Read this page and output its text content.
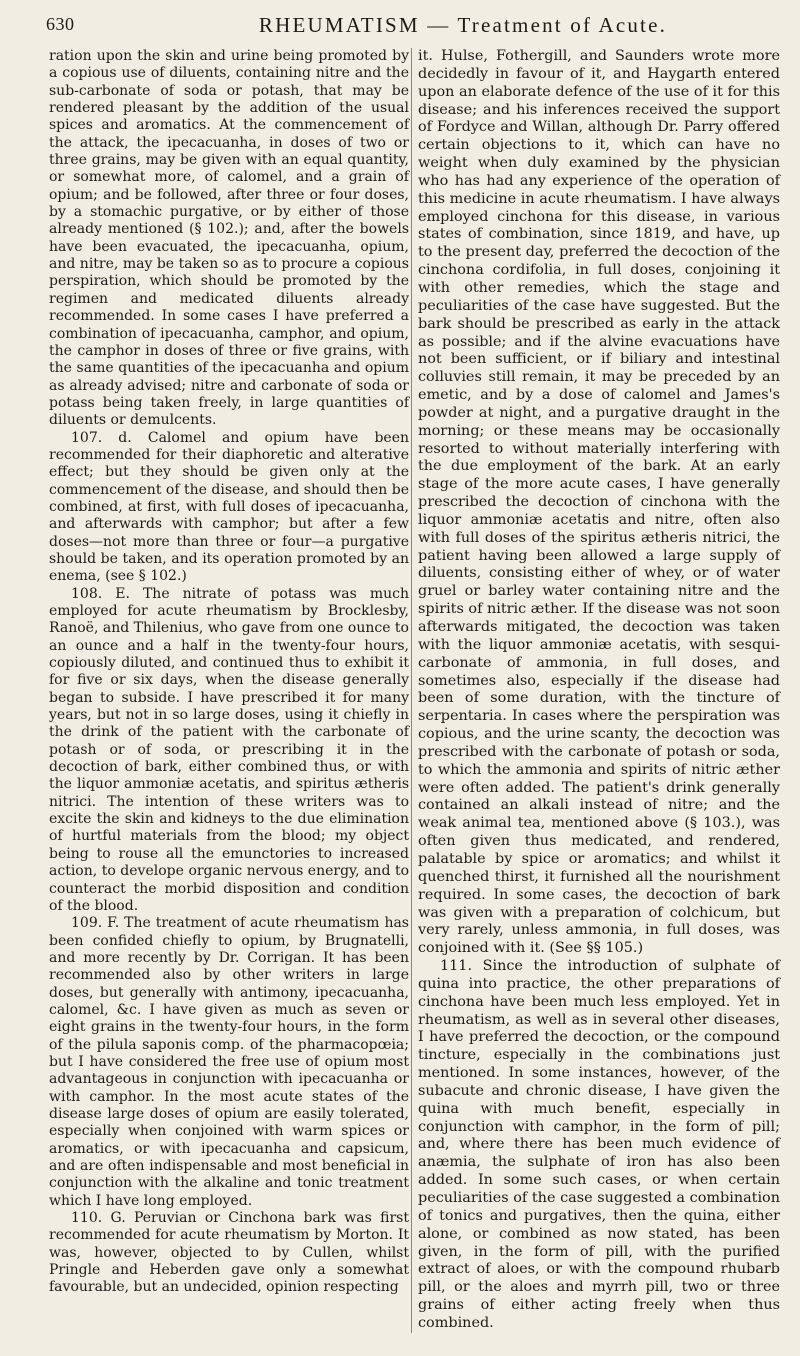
630	RHEUMATISM — Treatment of Acute.

ration upon the skin and urine being promoted by a copious use of diluents, containing nitre and the sub-carbonate of soda or potash, that may be rendered pleasant by the addition of the usual spices and aromatics. At the commencement of the attack, the ipecacuanha, in doses of two or three grains, may be given with an equal quantity, or somewhat more, of calomel, and a grain of opium; and be followed, after three or four doses, by a stomachic purgative, or by either of those already mentioned (§ 102.); and, after the bowels have been evacuated, the ipecacuanha, opium, and nitre, may be taken so as to procure a copious perspiration, which should be promoted by the regimen and medicated diluents already recommended. In some cases I have preferred a combination of ipecacuanha, camphor, and opium, the camphor in doses of three or five grains, with the same quantities of the ipecacuanha and opium as already advised; nitre and carbonate of soda or potass being taken freely, in large quantities of diluents or demulcents.

107. d. Calomel and opium have been recommended for their diaphoretic and alterative effect; but they should be given only at the commencement of the disease, and should then be combined, at first, with full doses of ipecacuanha, and afterwards with camphor; but after a few doses—not more than three or four—a purgative should be taken, and its operation promoted by an enema, (see § 102.)

108. E. The nitrate of potass was much employed for acute rheumatism by Brocklesby, Ranoë, and Thilenius, who gave from one ounce to an ounce and a half in the twenty-four hours, copiously diluted, and continued thus to exhibit it for five or six days, when the disease generally began to subside. I have prescribed it for many years, but not in so large doses, using it chiefly in the drink of the patient with the carbonate of potash or of soda, or prescribing it in the decoction of bark, either combined thus, or with the liquor ammoniæ acetatis, and spiritus ætheris nitrici. The intention of these writers was to excite the skin and kidneys to the due elimination of hurtful materials from the blood; my object being to rouse all the emunctories to increased action, to develope organic nervous energy, and to counteract the morbid disposition and condition of the blood.

109. F. The treatment of acute rheumatism has been confided chiefly to opium, by Brugnatelli, and more recently by Dr. Corrigan. It has been recommended also by other writers in large doses, but generally with antimony, ipecacuanha, calomel, &c. I have given as much as seven or eight grains in the twenty-four hours, in the form of the pilula saponis comp. of the pharmacopœia; but I have considered the free use of opium most advantageous in conjunction with ipecacuanha or with camphor. In the most acute states of the disease large doses of opium are easily tolerated, especially when conjoined with warm spices or aromatics, or with ipecacuanha and capsicum, and are often indispensable and most beneficial in conjunction with the alkaline and tonic treatment which I have long employed.

110. G. Peruvian or Cinchona bark was first recommended for acute rheumatism by Morton. It was, however, objected to by Cullen, whilst Pringle and Heberden gave only a somewhat favourable, but an undecided, opinion respecting

it. Hulse, Fothergill, and Saunders wrote more decidedly in favour of it, and Haygarth entered upon an elaborate defence of the use of it for this disease; and his inferences received the support of Fordyce and Willan, although Dr. Parry offered certain objections to it, which can have no weight when duly examined by the physician who has had any experience of the operation of this medicine in acute rheumatism. I have always employed cinchona for this disease, in various states of combination, since 1819, and have, up to the present day, preferred the decoction of the cinchona cordifolia, in full doses, conjoining it with other remedies, which the stage and peculiarities of the case have suggested. But the bark should be prescribed as early in the attack as possible; and if the alvine evacuations have not been sufficient, or if biliary and intestinal colluvies still remain, it may be preceded by an emetic, and by a dose of calomel and James's powder at night, and a purgative draught in the morning; or these means may be occasionally resorted to without materially interfering with the due employment of the bark. At an early stage of the more acute cases, I have generally prescribed the decoction of cinchona with the liquor ammoniæ acetatis and nitre, often also with full doses of the spiritus ætheris nitrici, the patient having been allowed a large supply of diluents, consisting either of whey, or of water gruel or barley water containing nitre and the spirits of nitric æther. If the disease was not soon afterwards mitigated, the decoction was taken with the liquor ammoniæ acetatis, with sesqui-carbonate of ammonia, in full doses, and sometimes also, especially if the disease had been of some duration, with the tincture of serpentaria. In cases where the perspiration was copious, and the urine scanty, the decoction was prescribed with the carbonate of potash or soda, to which the ammonia and spirits of nitric æther were often added. The patient's drink generally contained an alkali instead of nitre; and the weak animal tea, mentioned above (§ 103.), was often given thus medicated, and rendered, palatable by spice or aromatics; and whilst it quenched thirst, it furnished all the nourishment required. In some cases, the decoction of bark was given with a preparation of colchicum, but very rarely, unless ammonia, in full doses, was conjoined with it. (See §§ 105.)

111. Since the introduction of sulphate of quina into practice, the other preparations of cinchona have been much less employed. Yet in rheumatism, as well as in several other diseases, I have preferred the decoction, or the compound tincture, especially in the combinations just mentioned. In some instances, however, of the subacute and chronic disease, I have given the quina with much benefit, especially in conjunction with camphor, in the form of pill; and, where there has been much evidence of anæmia, the sulphate of iron has also been added. In some such cases, or when certain peculiarities of the case suggested a combination of tonics and purgatives, then the quina, either alone, or combined as now stated, has been given, in the form of pill, with the purified extract of aloes, or with the compound rhubarb pill, or the aloes and myrrh pill, two or three grains of either acting freely when thus combined.
